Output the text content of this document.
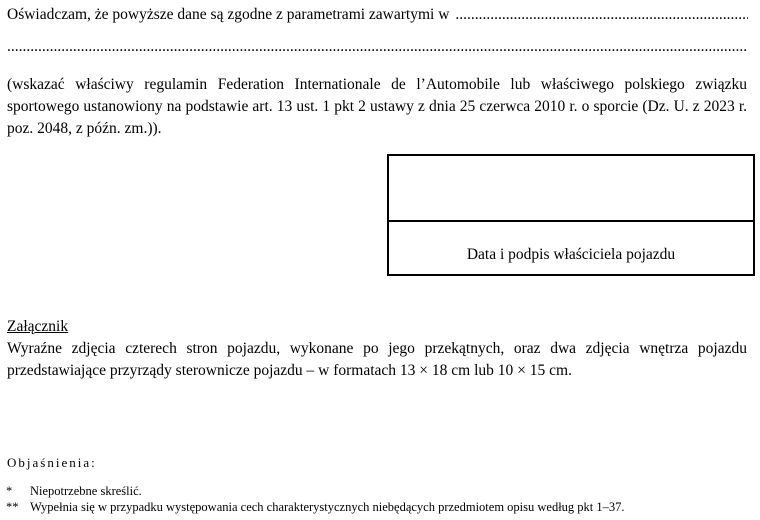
Oświadczam, że powyższe dane są zgodne z parametrami zawartymi w
.....
.....
(wskazać właściwy regulamin Federation Internationale de l’Automobile lub właściwego polskiego związku sportowego ustanowiony na podstawie art. 13 ust. 1 pkt 2 ustawy z dnia 25 czerwca 2010 r. o sporcie (Dz. U. z 2023 r. poz. 2048, z późn. zm.)).
Data i podpis właściciela pojazdu
Załącznik
Wyraźne zdjęcia czterech stron pojazdu, wykonane po jego przekątnych, oraz dwa zdjęcia wnętrza pojazdu przedstawiające przyrządy sterownicze pojazdu – w formatach 13 × 18 cm lub 10 × 15 cm.
Objaśnienia:
* Niepotrzebne skreślić.
** Wypełnia się w przypadku występowania cech charakterystycznych niebędących przedmiotem opisu według pkt 1–37.
